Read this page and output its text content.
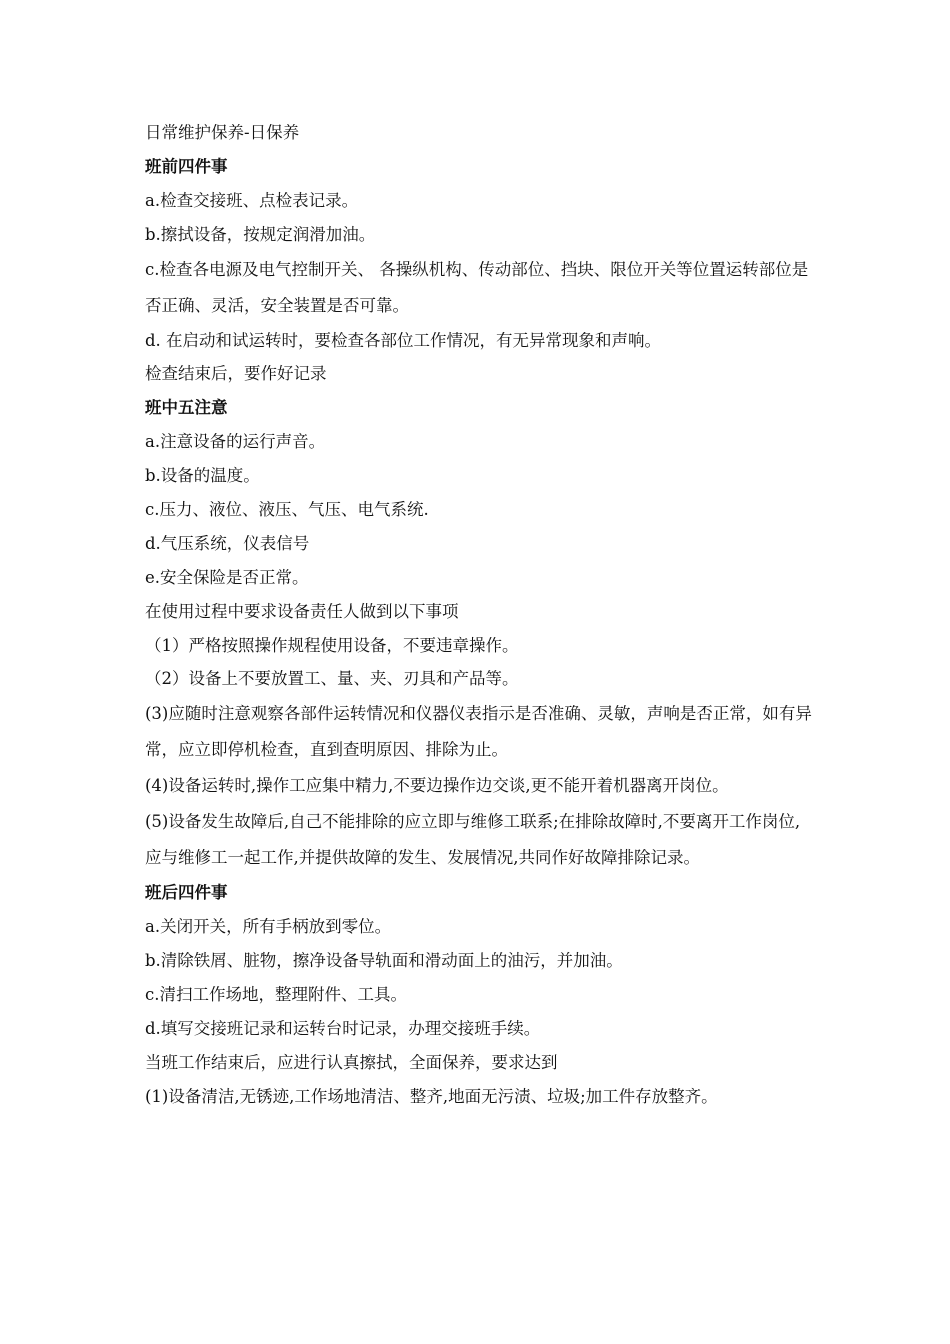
日常维护保养-日保养
班前四件事
a.检查交接班、点检表记录。
b.擦拭设备，按规定润滑加油。
c.检查各电源及电气控制开关、 各操纵机构、传动部位、挡块、限位开关等位置运转部位是否正确、灵活，安全装置是否可靠。
d. 在启动和试运转时，要检查各部位工作情况，有无异常现象和声响。
检查结束后，要作好记录
班中五注意
a.注意设备的运行声音。
b.设备的温度。
c.压力、液位、液压、气压、电气系统.
d.气压系统，仪表信号
e.安全保险是否正常。
在使用过程中要求设备责任人做到以下事项
（1）严格按照操作规程使用设备，不要违章操作。
（2）设备上不要放置工、量、夹、刃具和产品等。
(3)应随时注意观察各部件运转情况和仪器仪表指示是否准确、灵敏，声响是否正常，如有异常，应立即停机检查，直到查明原因、排除为止。
(4)设备运转时,操作工应集中精力,不要边操作边交谈,更不能开着机器离开岗位。
(5)设备发生故障后,自己不能排除的应立即与维修工联系;在排除故障时,不要离开工作岗位,应与维修工一起工作,并提供故障的发生、发展情况,共同作好故障排除记录。
班后四件事
a.关闭开关，所有手柄放到零位。
b.清除铁屑、脏物，擦净设备导轨面和滑动面上的油污，并加油。
c.清扫工作场地，整理附件、工具。
d.填写交接班记录和运转台时记录，办理交接班手续。
当班工作结束后，应进行认真擦拭，全面保养，要求达到
(1)设备清洁,无锈迹,工作场地清洁、整齐,地面无污渍、垃圾;加工件存放整齐。
